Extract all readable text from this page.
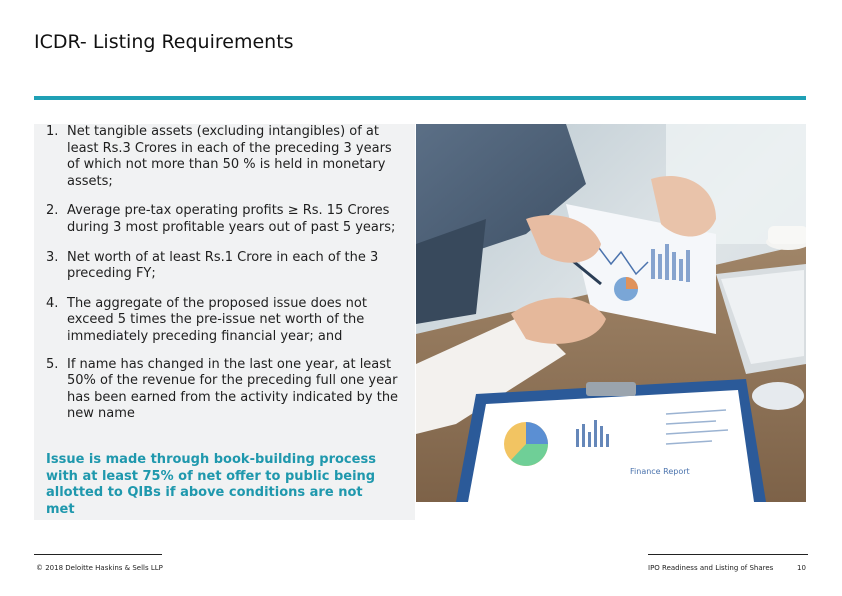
ICDR- Listing Requirements
1. Net tangible assets (excluding intangibles) of at least Rs.3 Crores in each of the preceding 3 years of which not more than 50 % is held in monetary assets;
2. Average pre-tax operating profits ≥ Rs. 15 Crores during 3 most profitable years out of past 5 years;
3. Net worth of at least Rs.1 Crore in each of the 3 preceding FY;
4. The aggregate of the proposed issue does not exceed 5 times the pre-issue net worth of the immediately preceding financial year; and
5. If name has changed in the last one year, at least 50% of the revenue for the preceding full one year has been earned from the activity indicated by the new name
Issue is made through book-building process with at least 75% of net offer to public being allotted to QIBs if above conditions are not met
Finance Report
© 2018 Deloitte Haskins & Sells LLP	IPO Readiness and Listing of Shares	10
